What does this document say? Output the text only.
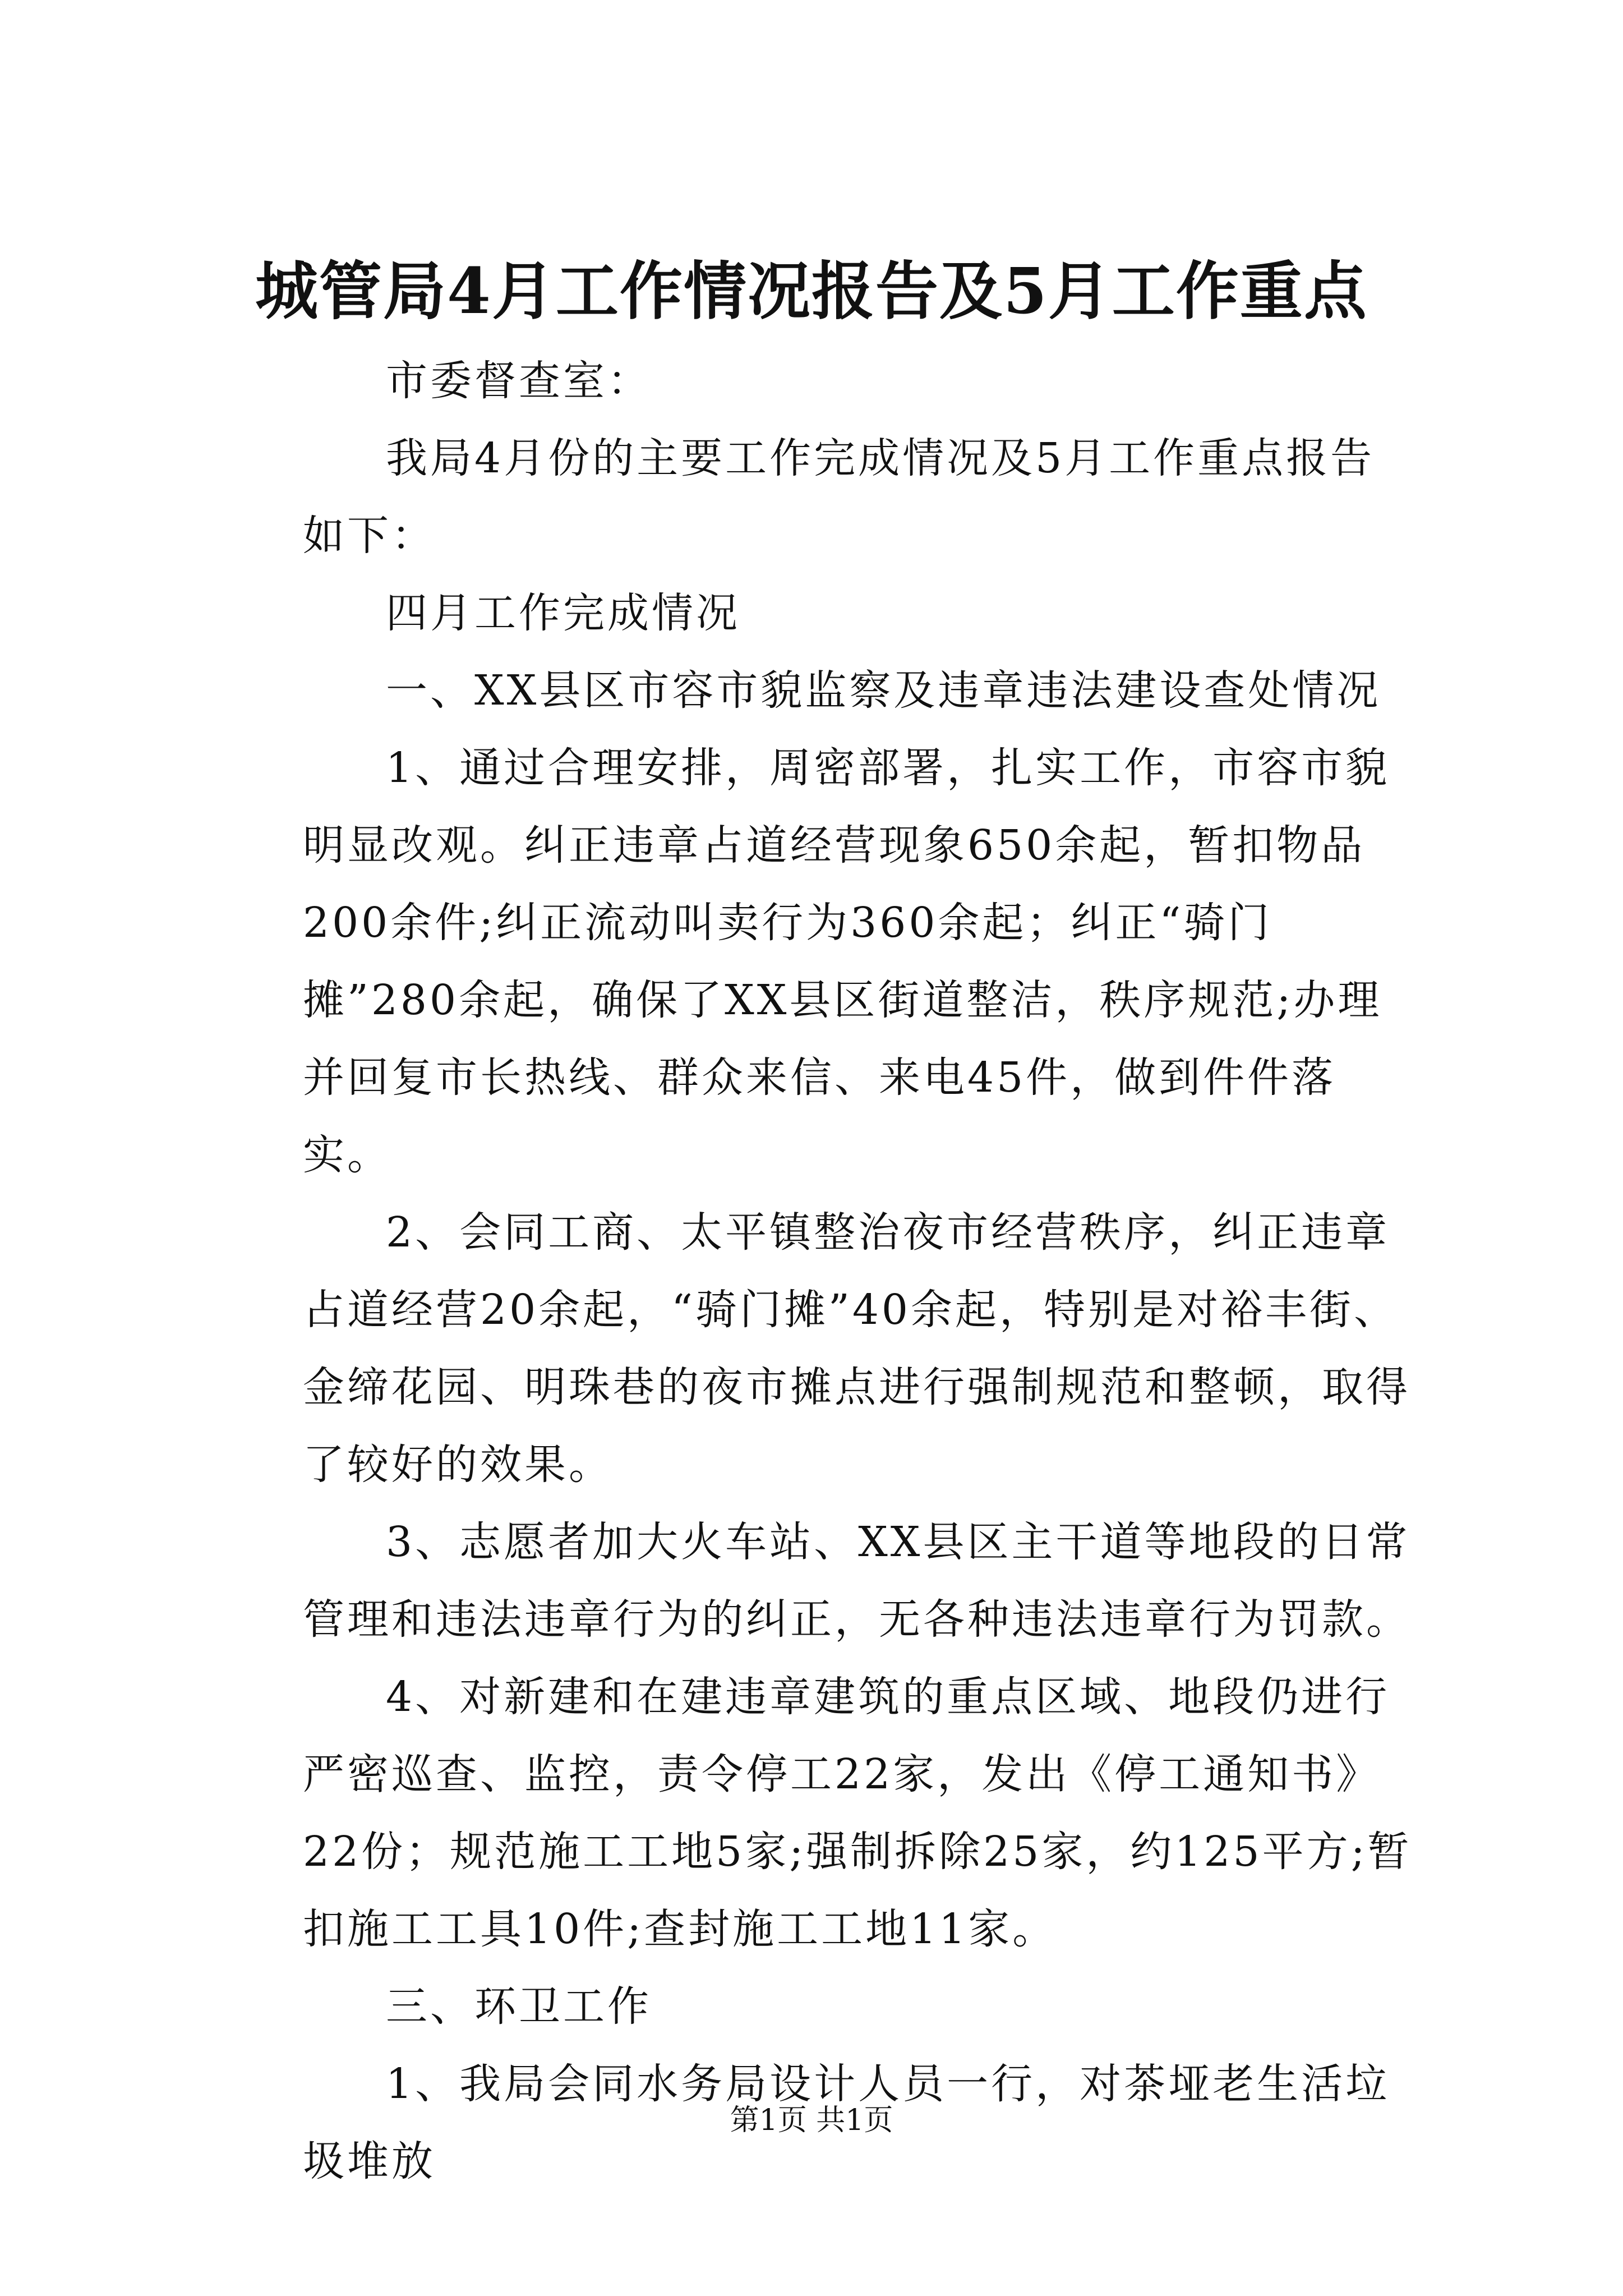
城管局4月工作情况报告及5月工作重点

市委督查室：

我局4月份的主要工作完成情况及5月工作重点报告如下：

四月工作完成情况

一、XX县区市容市貌监察及违章违法建设查处情况

1、通过合理安排，周密部署，扎实工作，市容市貌明显改观。纠正违章占道经营现象650余起，暂扣物品200余件;纠正流动叫卖行为360余起；纠正“骑门摊”280余起，确保了XX县区街道整洁，秩序规范;办理并回复市长热线、群众来信、来电45件，做到件件落实。

2、会同工商、太平镇整治夜市经营秩序，纠正违章占道经营20余起，“骑门摊”40余起，特别是对裕丰街、金缔花园、明珠巷的夜市摊点进行强制规范和整顿，取得了较好的效果。

3、志愿者加大火车站、XX县区主干道等地段的日常管理和违法违章行为的纠正，无各种违法违章行为罚款。

4、对新建和在建违章建筑的重点区域、地段仍进行严密巡查、监控，责令停工22家，发出《停工通知书》22份；规范施工工地5家;强制拆除25家，约125平方;暂扣施工工具10件;查封施工工地11家。

三、环卫工作

1、我局会同水务局设计人员一行，对茶垭老生活垃圾堆放

第1页 共1页
